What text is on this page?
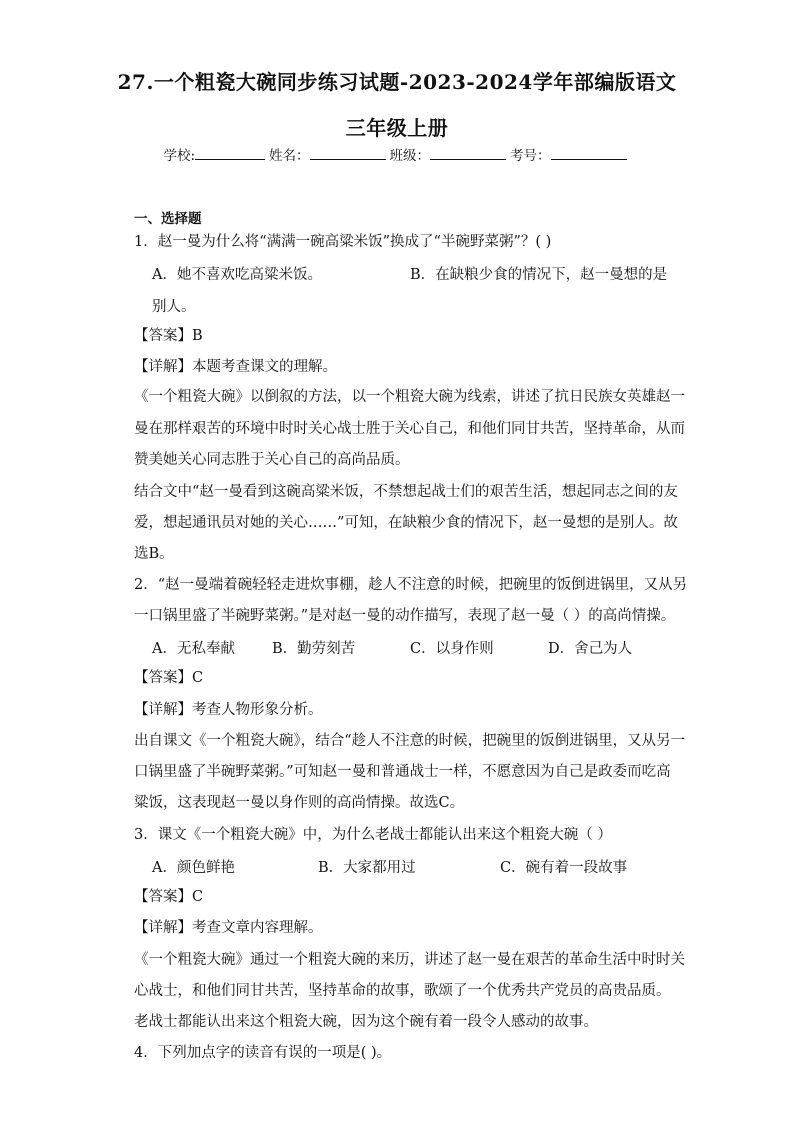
27.一个粗瓷大碗同步练习试题-2023-2024学年部编版语文
三年级上册
学校:	姓名：	班级：	考号：
一、选择题
1．赵一曼为什么将“满满一碗高粱米饭”换成了“半碗野菜粥”？( )
A．她不喜欢吃高粱米饭。	B．在缺粮少食的情况下，赵一曼想的是
别人。
【答案】B
【详解】本题考查课文的理解。
《一个粗瓷大碗》以倒叙的方法，以一个粗瓷大碗为线索，讲述了抗日民族女英雄赵一
曼在那样艰苦的环境中时时关心战士胜于关心自己，和他们同甘共苦，坚持革命，从而
赞美她关心同志胜于关心自己的高尚品质。
结合文中“赵一曼看到这碗高粱米饭，不禁想起战士们的艰苦生活，想起同志之间的友
爱，想起通讯员对她的关心……”可知，在缺粮少食的情况下，赵一曼想的是别人。故
选B。
2．“赵一曼端着碗轻轻走进炊事棚，趁人不注意的时候，把碗里的饭倒进锅里，又从另
一口锅里盛了半碗野菜粥。”是对赵一曼的动作描写，表现了赵一曼（ ）的高尚情操。
A．无私奉献	B．勤劳刻苦	C．以身作则	D．舍己为人
【答案】C
【详解】考查人物形象分析。
出自课文《一个粗瓷大碗》，结合“趁人不注意的时候，把碗里的饭倒进锅里，又从另一
口锅里盛了半碗野菜粥。”可知赵一曼和普通战士一样，不愿意因为自己是政委而吃高
粱饭，这表现赵一曼以身作则的高尚情操。故选C。
3．课文《一个粗瓷大碗》中，为什么老战士都能认出来这个粗瓷大碗（ ）
A．颜色鲜艳	B．大家都用过	C．碗有着一段故事
【答案】C
【详解】考查文章内容理解。
《一个粗瓷大碗》通过一个粗瓷大碗的来历，讲述了赵一曼在艰苦的革命生活中时时关
心战士，和他们同甘共苦，坚持革命的故事，歌颂了一个优秀共产党员的高贵品质。
老战士都能认出来这个粗瓷大碗，因为这个碗有着一段令人感动的故事。
4．下列加点字的读音有误的一项是( )。
